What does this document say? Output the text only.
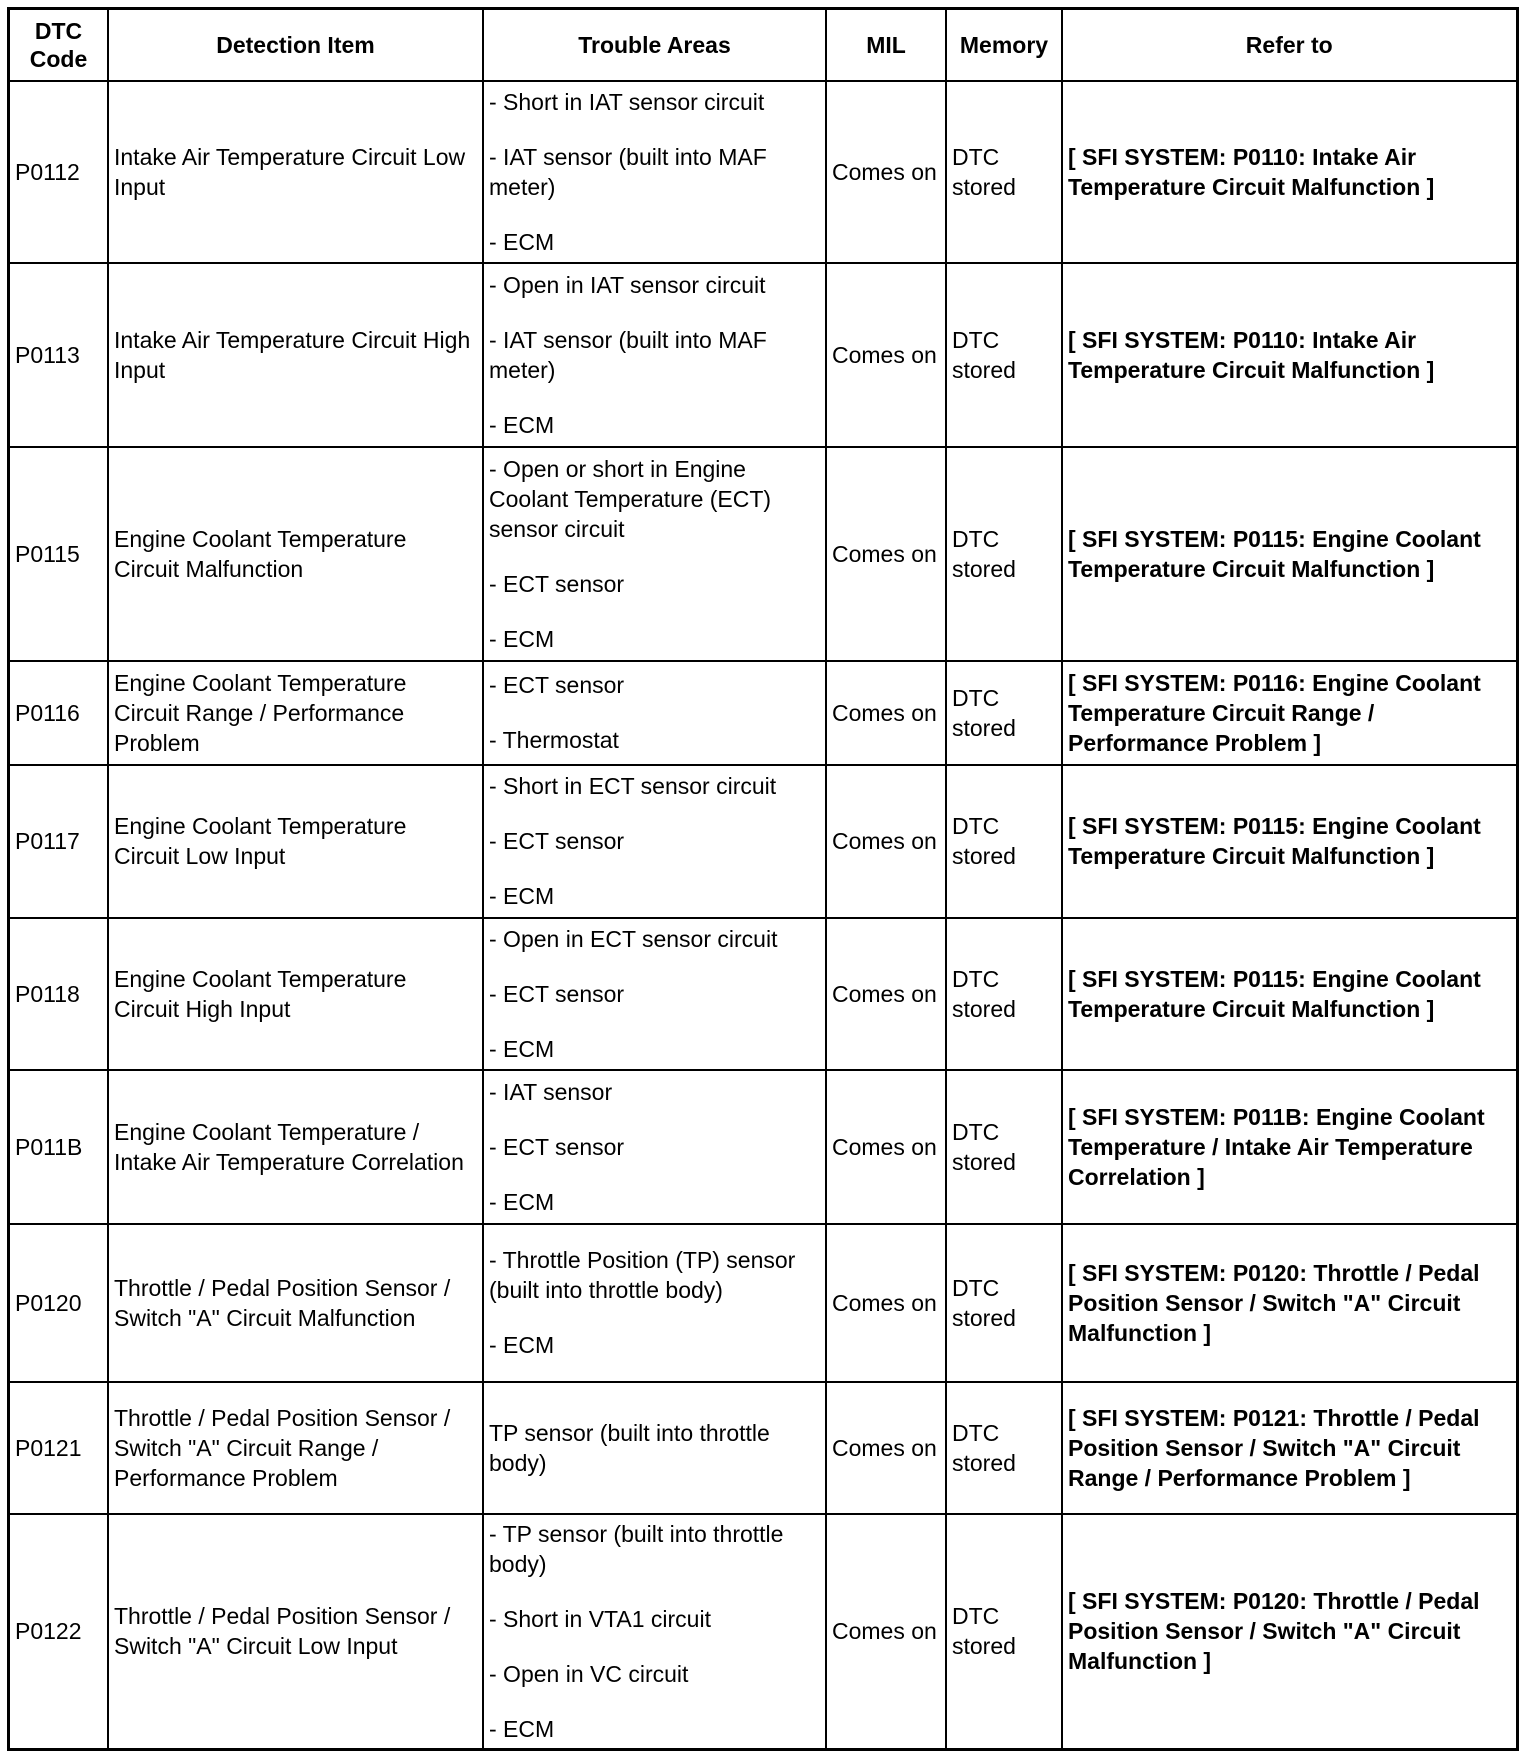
DTC Code	Detection Item	Trouble Areas	MIL	Memory	Refer to
P0112	Intake Air Temperature Circuit Low Input	- Short in IAT sensor circuit
- IAT sensor (built into MAF meter)
- ECM	Comes on	DTC stored	[ SFI SYSTEM: P0110: Intake Air Temperature Circuit Malfunction ]
P0113	Intake Air Temperature Circuit High Input	- Open in IAT sensor circuit
- IAT sensor (built into MAF meter)
- ECM	Comes on	DTC stored	[ SFI SYSTEM: P0110: Intake Air Temperature Circuit Malfunction ]
P0115	Engine Coolant Temperature Circuit Malfunction	- Open or short in Engine Coolant Temperature (ECT) sensor circuit
- ECT sensor
- ECM	Comes on	DTC stored	[ SFI SYSTEM: P0115: Engine Coolant Temperature Circuit Malfunction ]
P0116	Engine Coolant Temperature Circuit Range / Performance Problem	- ECT sensor
- Thermostat	Comes on	DTC stored	[ SFI SYSTEM: P0116: Engine Coolant Temperature Circuit Range / Performance Problem ]
P0117	Engine Coolant Temperature Circuit Low Input	- Short in ECT sensor circuit
- ECT sensor
- ECM	Comes on	DTC stored	[ SFI SYSTEM: P0115: Engine Coolant Temperature Circuit Malfunction ]
P0118	Engine Coolant Temperature Circuit High Input	- Open in ECT sensor circuit
- ECT sensor
- ECM	Comes on	DTC stored	[ SFI SYSTEM: P0115: Engine Coolant Temperature Circuit Malfunction ]
P011B	Engine Coolant Temperature / Intake Air Temperature Correlation	- IAT sensor
- ECT sensor
- ECM	Comes on	DTC stored	[ SFI SYSTEM: P011B: Engine Coolant Temperature / Intake Air Temperature Correlation ]
P0120	Throttle / Pedal Position Sensor / Switch "A" Circuit Malfunction	- Throttle Position (TP) sensor (built into throttle body)
- ECM	Comes on	DTC stored	[ SFI SYSTEM: P0120: Throttle / Pedal Position Sensor / Switch "A" Circuit Malfunction ]
P0121	Throttle / Pedal Position Sensor / Switch "A" Circuit Range / Performance Problem	TP sensor (built into throttle body)	Comes on	DTC stored	[ SFI SYSTEM: P0121: Throttle / Pedal Position Sensor / Switch "A" Circuit Range / Performance Problem ]
P0122	Throttle / Pedal Position Sensor / Switch "A" Circuit Low Input	- TP sensor (built into throttle body)
- Short in VTA1 circuit
- Open in VC circuit
- ECM	Comes on	DTC stored	[ SFI SYSTEM: P0120: Throttle / Pedal Position Sensor / Switch "A" Circuit Malfunction ]
